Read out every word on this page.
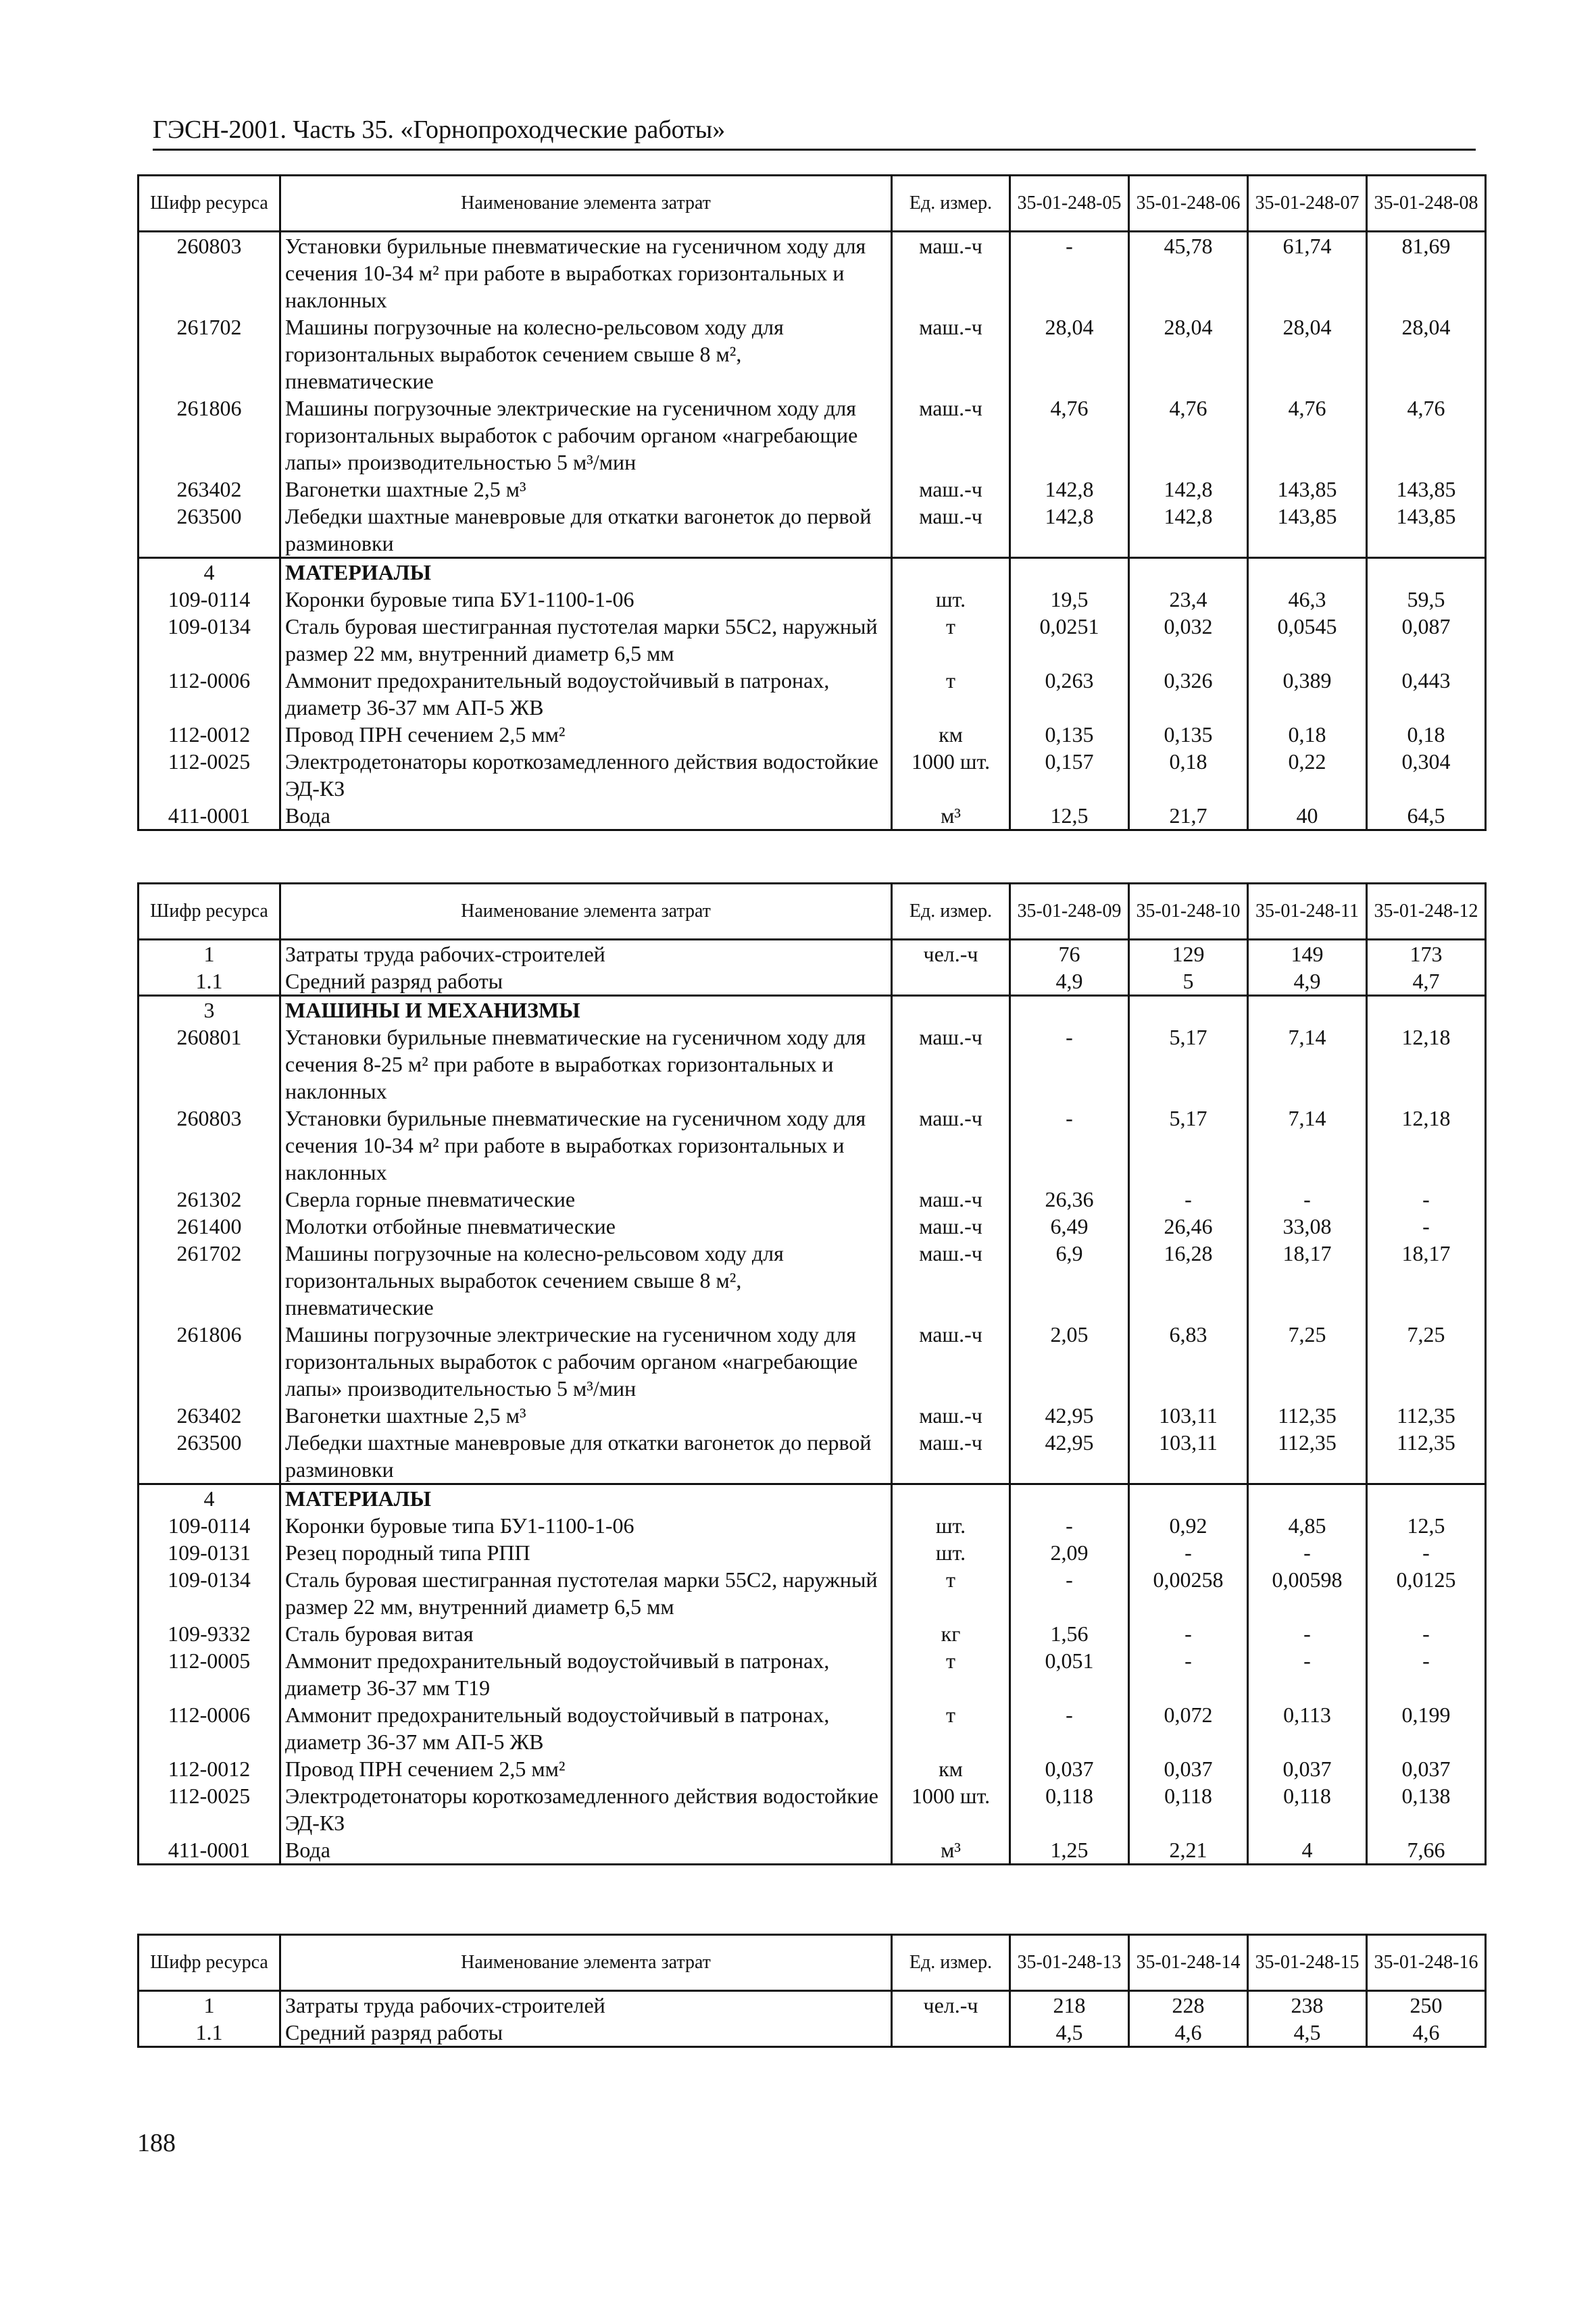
ГЭСН-2001. Часть 35. «Горнопроходческие работы»
Шифр ресурса	Наименование элемента затрат	Ед. измер.	35-01-248-05	35-01-248-06	35-01-248-07	35-01-248-08
260803	Установки бурильные пневматические на гусеничном ходу для сечения 10-34 м² при работе в выработках горизонтальных и наклонных	маш.-ч	-	45,78	61,74	81,69
261702	Машины погрузочные на колесно-рельсовом ходу для горизонтальных выработок сечением свыше 8 м², пневматические	маш.-ч	28,04	28,04	28,04	28,04
261806	Машины погрузочные электрические на гусеничном ходу для горизонтальных выработок с рабочим органом «нагребающие лапы» производительностью 5 м³/мин	маш.-ч	4,76	4,76	4,76	4,76
263402	Вагонетки шахтные 2,5 м³	маш.-ч	142,8	142,8	143,85	143,85
263500	Лебедки шахтные маневровые для откатки вагонеток до первой разминовки	маш.-ч	142,8	142,8	143,85	143,85
4	МАТЕРИАЛЫ					
109-0114	Коронки буровые типа БУ1-1100-1-06	шт.	19,5	23,4	46,3	59,5
109-0134	Сталь буровая шестигранная пустотелая марки 55С2, наружный размер 22 мм, внутренний диаметр 6,5 мм	т	0,0251	0,032	0,0545	0,087
112-0006	Аммонит предохранительный водоустойчивый в патронах, диаметр 36-37 мм АП-5 ЖВ	т	0,263	0,326	0,389	0,443
112-0012	Провод ПРН сечением 2,5 мм²	км	0,135	0,135	0,18	0,18
112-0025	Электродетонаторы короткозамедленного действия водостойкие ЭД-КЗ	1000 шт.	0,157	0,18	0,22	0,304
411-0001	Вода	м³	12,5	21,7	40	64,5
Шифр ресурса	Наименование элемента затрат	Ед. измер.	35-01-248-09	35-01-248-10	35-01-248-11	35-01-248-12
1	Затраты труда рабочих-строителей	чел.-ч	76	129	149	173
1.1	Средний разряд работы		4,9	5	4,9	4,7
3	МАШИНЫ И МЕХАНИЗМЫ					
260801	Установки бурильные пневматические на гусеничном ходу для сечения 8-25 м² при работе в выработках горизонтальных и наклонных	маш.-ч	-	5,17	7,14	12,18
260803	Установки бурильные пневматические на гусеничном ходу для сечения 10-34 м² при работе в выработках горизонтальных и наклонных	маш.-ч	-	5,17	7,14	12,18
261302	Сверла горные пневматические	маш.-ч	26,36	-	-	-
261400	Молотки отбойные пневматические	маш.-ч	6,49	26,46	33,08	-
261702	Машины погрузочные на колесно-рельсовом ходу для горизонтальных выработок сечением свыше 8 м², пневматические	маш.-ч	6,9	16,28	18,17	18,17
261806	Машины погрузочные электрические на гусеничном ходу для горизонтальных выработок с рабочим органом «нагребающие лапы» производительностью 5 м³/мин	маш.-ч	2,05	6,83	7,25	7,25
263402	Вагонетки шахтные 2,5 м³	маш.-ч	42,95	103,11	112,35	112,35
263500	Лебедки шахтные маневровые для откатки вагонеток до первой разминовки	маш.-ч	42,95	103,11	112,35	112,35
4	МАТЕРИАЛЫ					
109-0114	Коронки буровые типа БУ1-1100-1-06	шт.	-	0,92	4,85	12,5
109-0131	Резец породный типа РПП	шт.	2,09	-	-	-
109-0134	Сталь буровая шестигранная пустотелая марки 55С2, наружный размер 22 мм, внутренний диаметр 6,5 мм	т	-	0,00258	0,00598	0,0125
109-9332	Сталь буровая витая	кг	1,56	-	-	-
112-0005	Аммонит предохранительный водоустойчивый в патронах, диаметр 36-37 мм Т19	т	0,051	-	-	-
112-0006	Аммонит предохранительный водоустойчивый в патронах, диаметр 36-37 мм АП-5 ЖВ	т	-	0,072	0,113	0,199
112-0012	Провод ПРН сечением 2,5 мм²	км	0,037	0,037	0,037	0,037
112-0025	Электродетонаторы короткозамедленного действия водостойкие ЭД-КЗ	1000 шт.	0,118	0,118	0,118	0,138
411-0001	Вода	м³	1,25	2,21	4	7,66
Шифр ресурса	Наименование элемента затрат	Ед. измер.	35-01-248-13	35-01-248-14	35-01-248-15	35-01-248-16
1	Затраты труда рабочих-строителей	чел.-ч	218	228	238	250
1.1	Средний разряд работы		4,5	4,6	4,5	4,6
188
